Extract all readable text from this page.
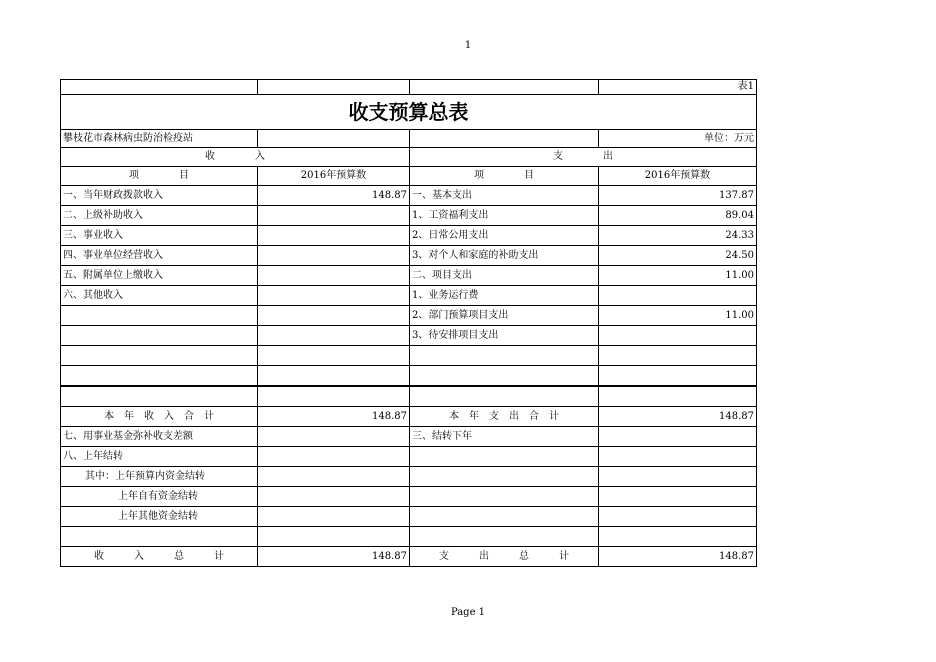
1
			表1
收支预算总表			
攀枝花市森林病虫防治检疫站			单位：万元
收　　　　入		支　　　　出	
项　　　　目	2016年预算数	项　　　　目	2016年预算数
一、当年财政拨款收入	148.87	一、基本支出	137.87
二、上级补助收入		1、工资福利支出	89.04
三、事业收入		2、日常公用支出	24.33
四、事业单位经营收入		3、对个人和家庭的补助支出	24.50
五、附属单位上缴收入		二、项目支出	11.00
六、其他收入		1、业务运行费	
		2、部门预算项目支出	11.00
		3、待安排项目支出	

本　年　收　入　合　计	148.87	本　年　支　出　合　计	148.87
七、用事业基金弥补收支差额		三、结转下年	
八、上年结转			
其中：上年预算内资金结转			
上年自有资金结转			
上年其他资金结转			

收　　　入　　　总　　　计	148.87	支　　　出　　　总　　　计	148.87
Page 1
